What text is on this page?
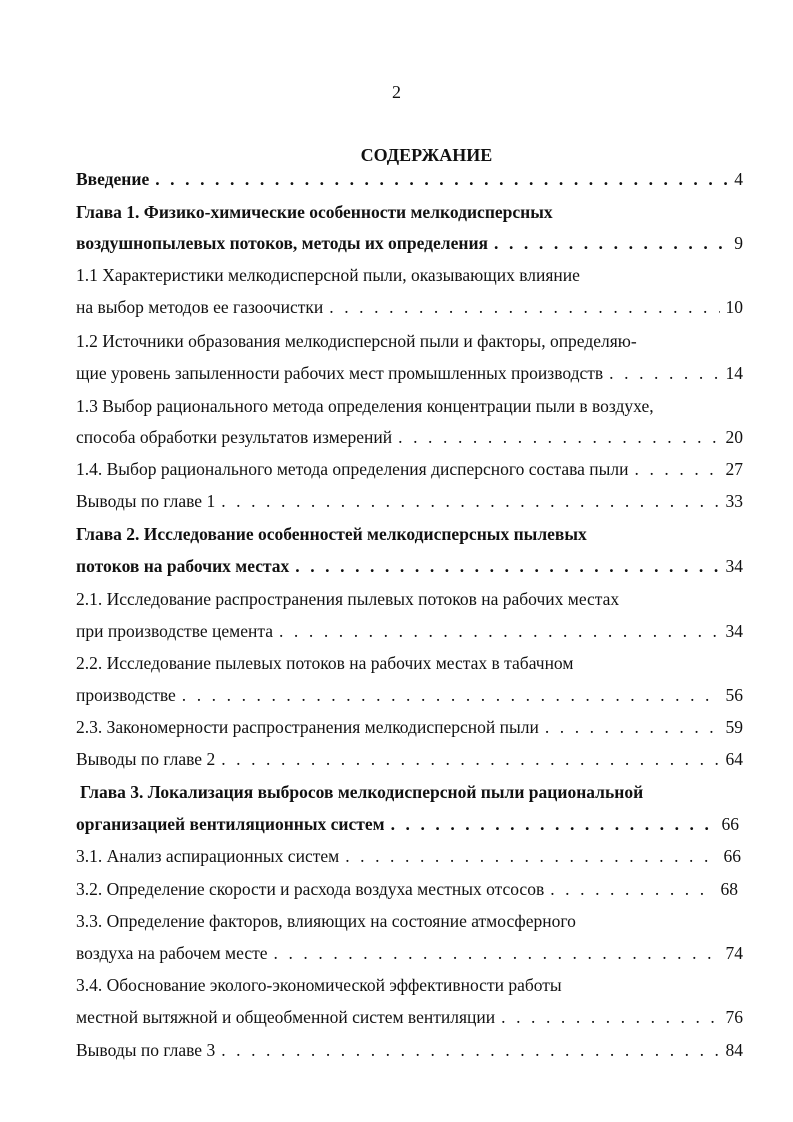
2
СОДЕРЖАНИЕ
Введение . . .	4
Глава 1. Физико-химические особенности мелкодисперсных
воздушнопылевых потоков, методы их определения . . .	9
1.1 Характеристики мелкодисперсной пыли, оказывающих влияние
на выбор методов ее газоочистки . . .	10
1.2 Источники образования мелкодисперсной пыли и факторы, определяю-
щие уровень запыленности рабочих мест промышленных производств . . .	14
1.3 Выбор рационального метода определения концентрации пыли в воздухе,
способа обработки результатов измерений . . .	20
1.4. Выбор рационального метода определения дисперсного состава пыли . . .	27
Выводы по главе 1 . . .	33
Глава 2. Исследование особенностей мелкодисперсных пылевых
потоков на рабочих местах . . .	34
2.1. Исследование распространения пылевых потоков на рабочих местах
при производстве цемента . . .	34
2.2. Исследование пылевых потоков на рабочих местах в табачном
производстве . . .	56
2.3. Закономерности распространения мелкодисперсной пыли . . .	59
Выводы по главе 2 . . .	64
Глава 3. Локализация выбросов мелкодисперсной пыли рациональной
организацией вентиляционных систем . . .	66
3.1. Анализ аспирационных систем . . .	66
3.2. Определение скорости и расхода воздуха местных отсосов . . .	68
3.3. Определение факторов, влияющих на состояние атмосферного
воздуха на рабочем месте . . .	74
3.4. Обоснование эколого-экономической эффективности работы
местной вытяжной и общеобменной систем вентиляции . . .	76
Выводы по главе 3 . . .	84
